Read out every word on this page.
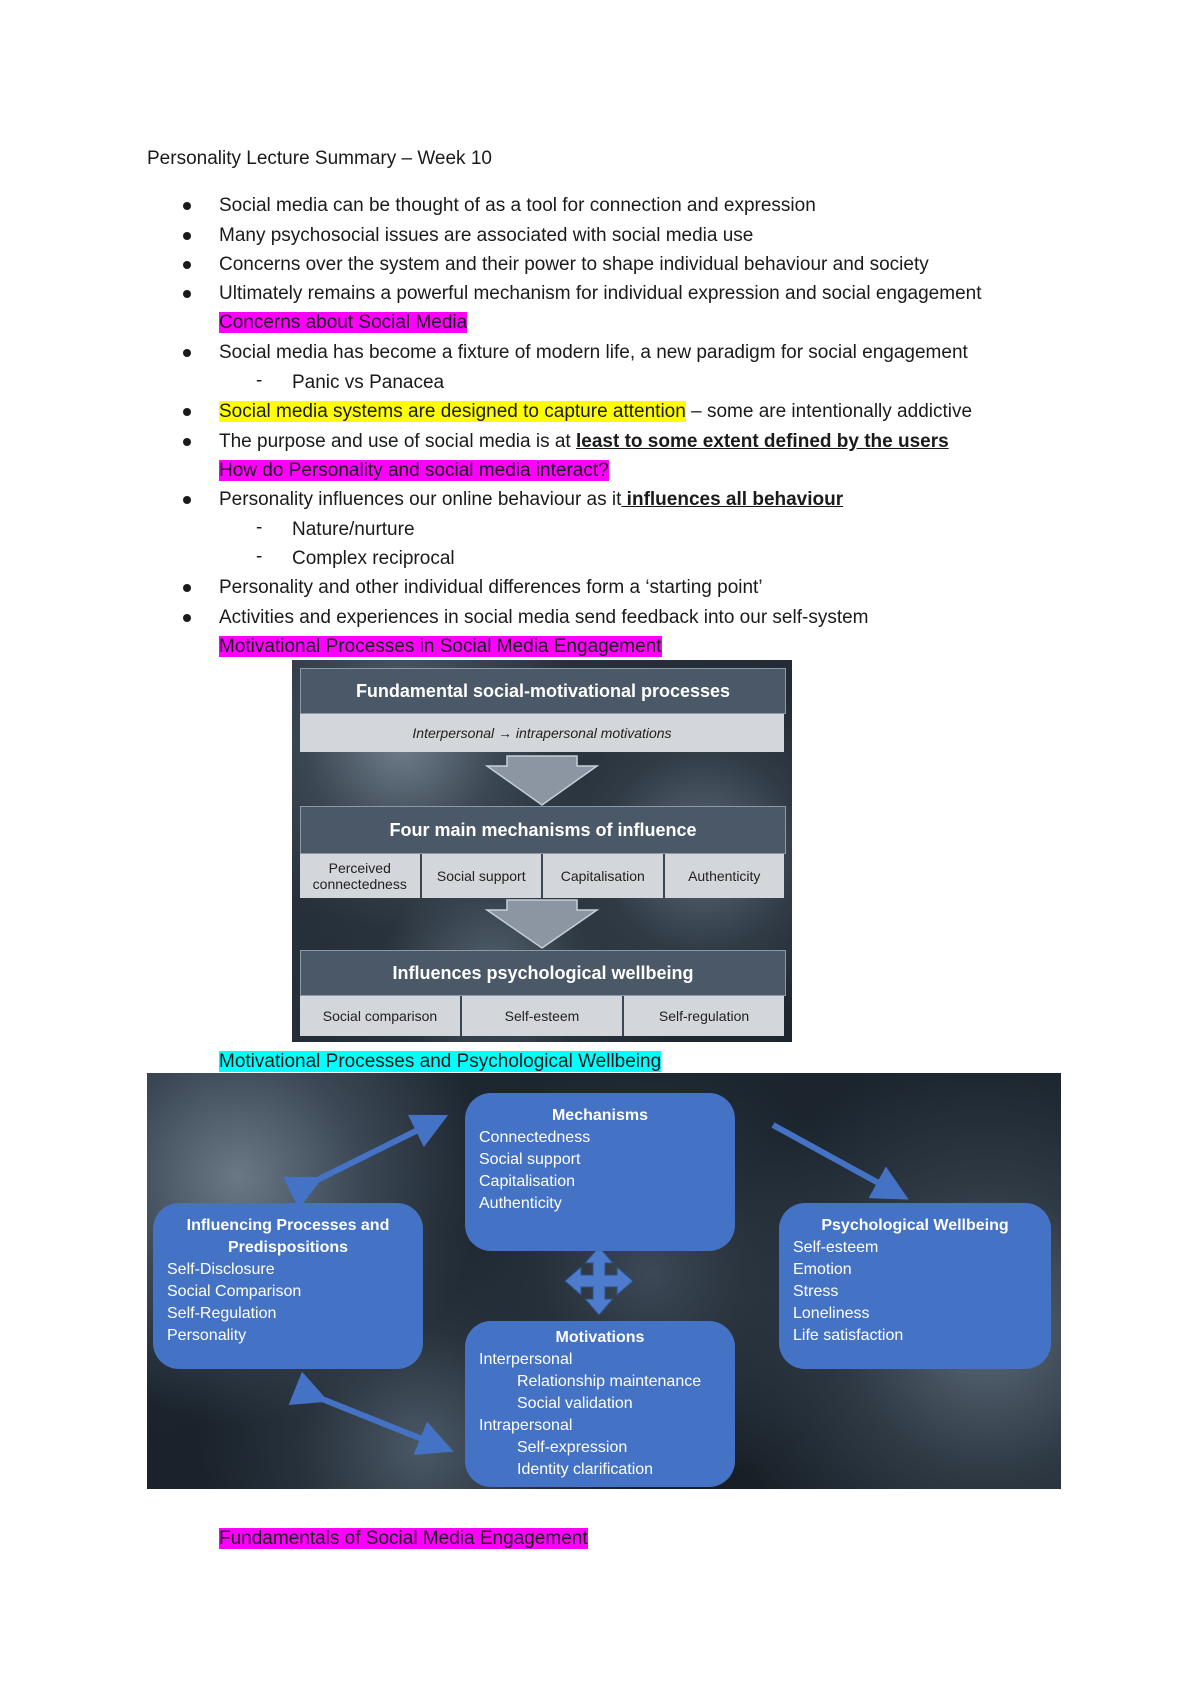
Personality Lecture Summary – Week 10
Social media can be thought of as a tool for connection and expression
Many psychosocial issues are associated with social media use
Concerns over the system and their power to shape individual behaviour and society
Ultimately remains a powerful mechanism for individual expression and social engagement
Concerns about Social Media
Social media has become a fixture of modern life, a new paradigm for social engagement
- Panic vs Panacea
Social media systems are designed to capture attention – some are intentionally addictive
The purpose and use of social media is at least to some extent defined by the users
How do Personality and social media interact?
Personality influences our online behaviour as it influences all behaviour
- Nature/nurture
- Complex reciprocal
Personality and other individual differences form a ‘starting point’
Activities and experiences in social media send feedback into our self-system
Motivational Processes in Social Media Engagement
Fundamental social-motivational processes
Interpersonal → intrapersonal motivations
Four main mechanisms of influence
Perceived connectedness	Social support	Capitalisation	Authenticity
Influences psychological wellbeing
Social comparison	Self-esteem	Self-regulation
Motivational Processes and Psychological Wellbeing
Mechanisms
Connectedness
Social support
Capitalisation
Authenticity
Influencing Processes and Predispositions
Self-Disclosure
Social Comparison
Self-Regulation
Personality
Psychological Wellbeing
Self-esteem
Emotion
Stress
Loneliness
Life satisfaction
Motivations
Interpersonal
Relationship maintenance
Social validation
Intrapersonal
Self-expression
Identity clarification
Fundamentals of Social Media Engagement
